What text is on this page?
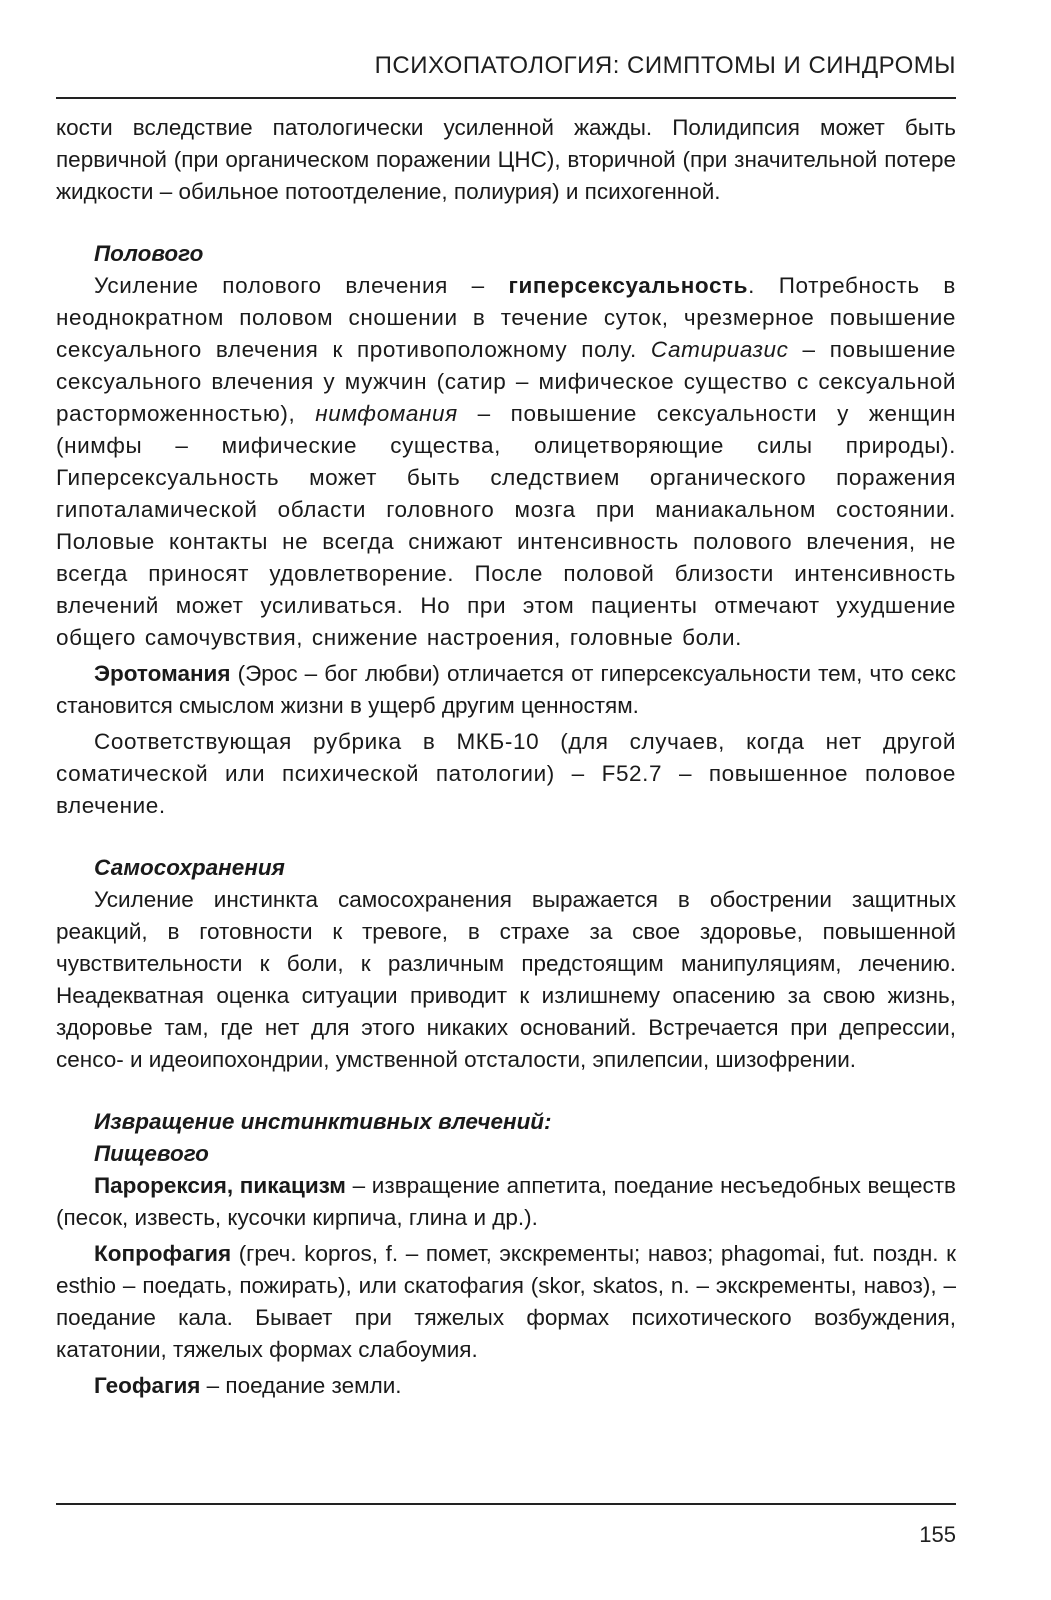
ПСИХОПАТОЛОГИЯ: СИМПТОМЫ И СИНДРОМЫ

кости вследствие патологически усиленной жажды. Полидипсия может быть первичной (при органическом поражении ЦНС), вторичной (при значительной потере жидкости – обильное потоотделение, полиурия) и психогенной.

Полового

Усиление полового влечения – гиперсексуальность. Потребность в неоднократном половом сношении в течение суток, чрезмерное повышение сексуального влечения к противоположному полу. Сатириазис – повышение сексуального влечения у мужчин (сатир – мифическое существо с сексуальной расторможенностью), нимфомания – повышение сексуальности у женщин (нимфы – мифические существа, олицетворяющие силы природы). Гиперсексуальность может быть следствием органического поражения гипоталамической области головного мозга при маниакальном состоянии. Половые контакты не всегда снижают интенсивность полового влечения, не всегда приносят удовлетворение. После половой близости интенсивность влечений может усиливаться. Но при этом пациенты отмечают ухудшение общего самочувствия, снижение настроения, головные боли.

Эротомания (Эрос – бог любви) отличается от гиперсексуальности тем, что секс становится смыслом жизни в ущерб другим ценностям.

Соответствующая рубрика в МКБ-10 (для случаев, когда нет другой соматической или психической патологии) – F52.7 – повышенное половое влечение.

Самосохранения

Усиление инстинкта самосохранения выражается в обострении защитных реакций, в готовности к тревоге, в страхе за свое здоровье, повышенной чувствительности к боли, к различным предстоящим манипуляциям, лечению. Неадекватная оценка ситуации приводит к излишнему опасению за свою жизнь, здоровье там, где нет для этого никаких оснований. Встречается при депрессии, сенсо- и идеоипохондрии, умственной отсталости, эпилепсии, шизофрении.

Извращение инстинктивных влечений:

Пищевого

Парорексия, пикацизм – извращение аппетита, поедание несъедобных веществ (песок, известь, кусочки кирпича, глина и др.).

Копрофагия (греч. kopros, f. – помет, экскременты; навоз; phagomai, fut. поздн. к esthio – поедать, пожирать), или скатофагия (skor, skatos, n. – экскременты, навоз), – поедание кала. Бывает при тяжелых формах психотического возбуждения, кататонии, тяжелых формах слабоумия.

Геофагия – поедание земли.

155
